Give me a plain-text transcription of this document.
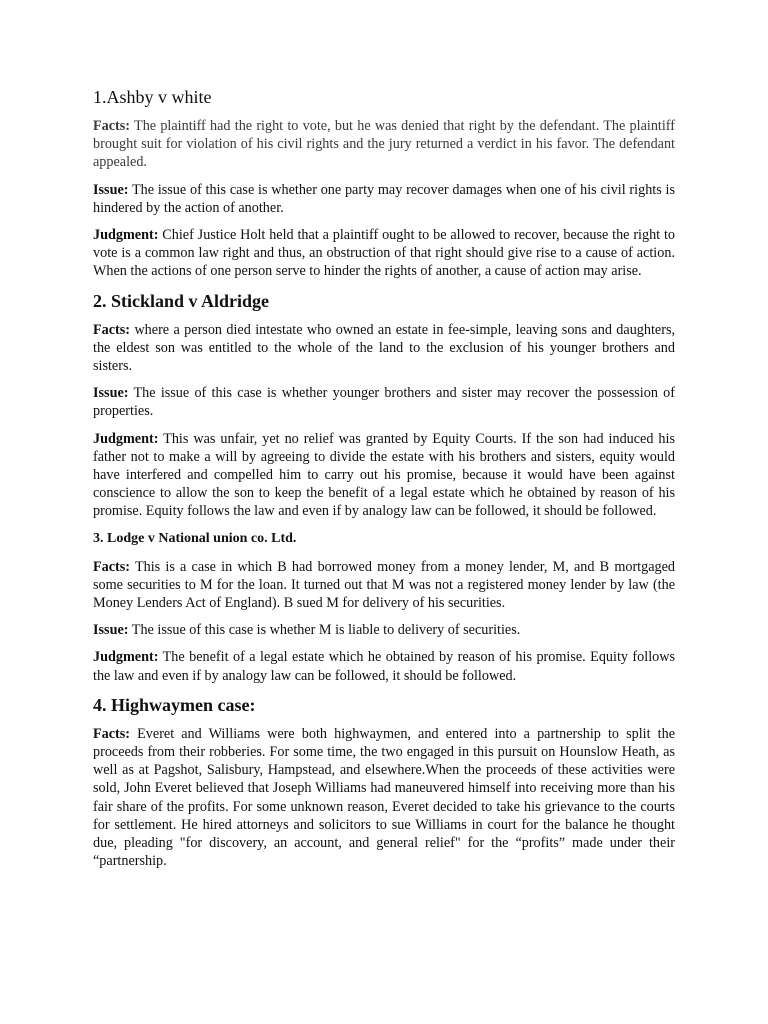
1.Ashby v white

Facts: The plaintiff had the right to vote, but he was denied that right by the defendant. The plaintiff brought suit for violation of his civil rights and the jury returned a verdict in his favor. The defendant appealed.

Issue: The issue of this case is whether one party may recover damages when one of his civil rights is hindered by the action of another.

Judgment: Chief Justice Holt held that a plaintiff ought to be allowed to recover, because the right to vote is a common law right and thus, an obstruction of that right should give rise to a cause of action. When the actions of one person serve to hinder the rights of another, a cause of action may arise.

2. Stickland v Aldridge

Facts: where a person died intestate who owned an estate in fee-simple, leaving sons and daughters, the eldest son was entitled to the whole of the land to the exclusion of his younger brothers and sisters.

Issue: The issue of this case is whether younger brothers and sister may recover the possession of properties.

Judgment: This was unfair, yet no relief was granted by Equity Courts. If the son had induced his father not to make a will by agreeing to divide the estate with his brothers and sisters, equity would have interfered and compelled him to carry out his promise, because it would have been against conscience to allow the son to keep the benefit of a legal estate which he obtained by reason of his promise. Equity follows the law and even if by analogy law can be followed, it should be followed.

3. Lodge v National union co. Ltd.

Facts: This is a case in which B had borrowed money from a money lender, M, and B mortgaged some securities to M for the loan. It turned out that M was not a registered money lender by law (the Money Lenders Act of England). B sued M for delivery of his securities.

Issue: The issue of this case is whether M is liable to delivery of securities.

Judgment: The benefit of a legal estate which he obtained by reason of his promise. Equity follows the law and even if by analogy law can be followed, it should be followed.

4. Highwaymen case:

Facts: Everet and Williams were both highwaymen, and entered into a partnership to split the proceeds from their robberies. For some time, the two engaged in this pursuit on Hounslow Heath, as well as at Pagshot, Salisbury, Hampstead, and elsewhere.When the proceeds of these activities were sold, John Everet believed that Joseph Williams had maneuvered himself into receiving more than his fair share of the profits. For some unknown reason, Everet decided to take his grievance to the courts for settlement. He hired attorneys and solicitors to sue Williams in court for the balance he thought due, pleading "for discovery, an account, and general relief" for the “profits” made under their “partnership.
